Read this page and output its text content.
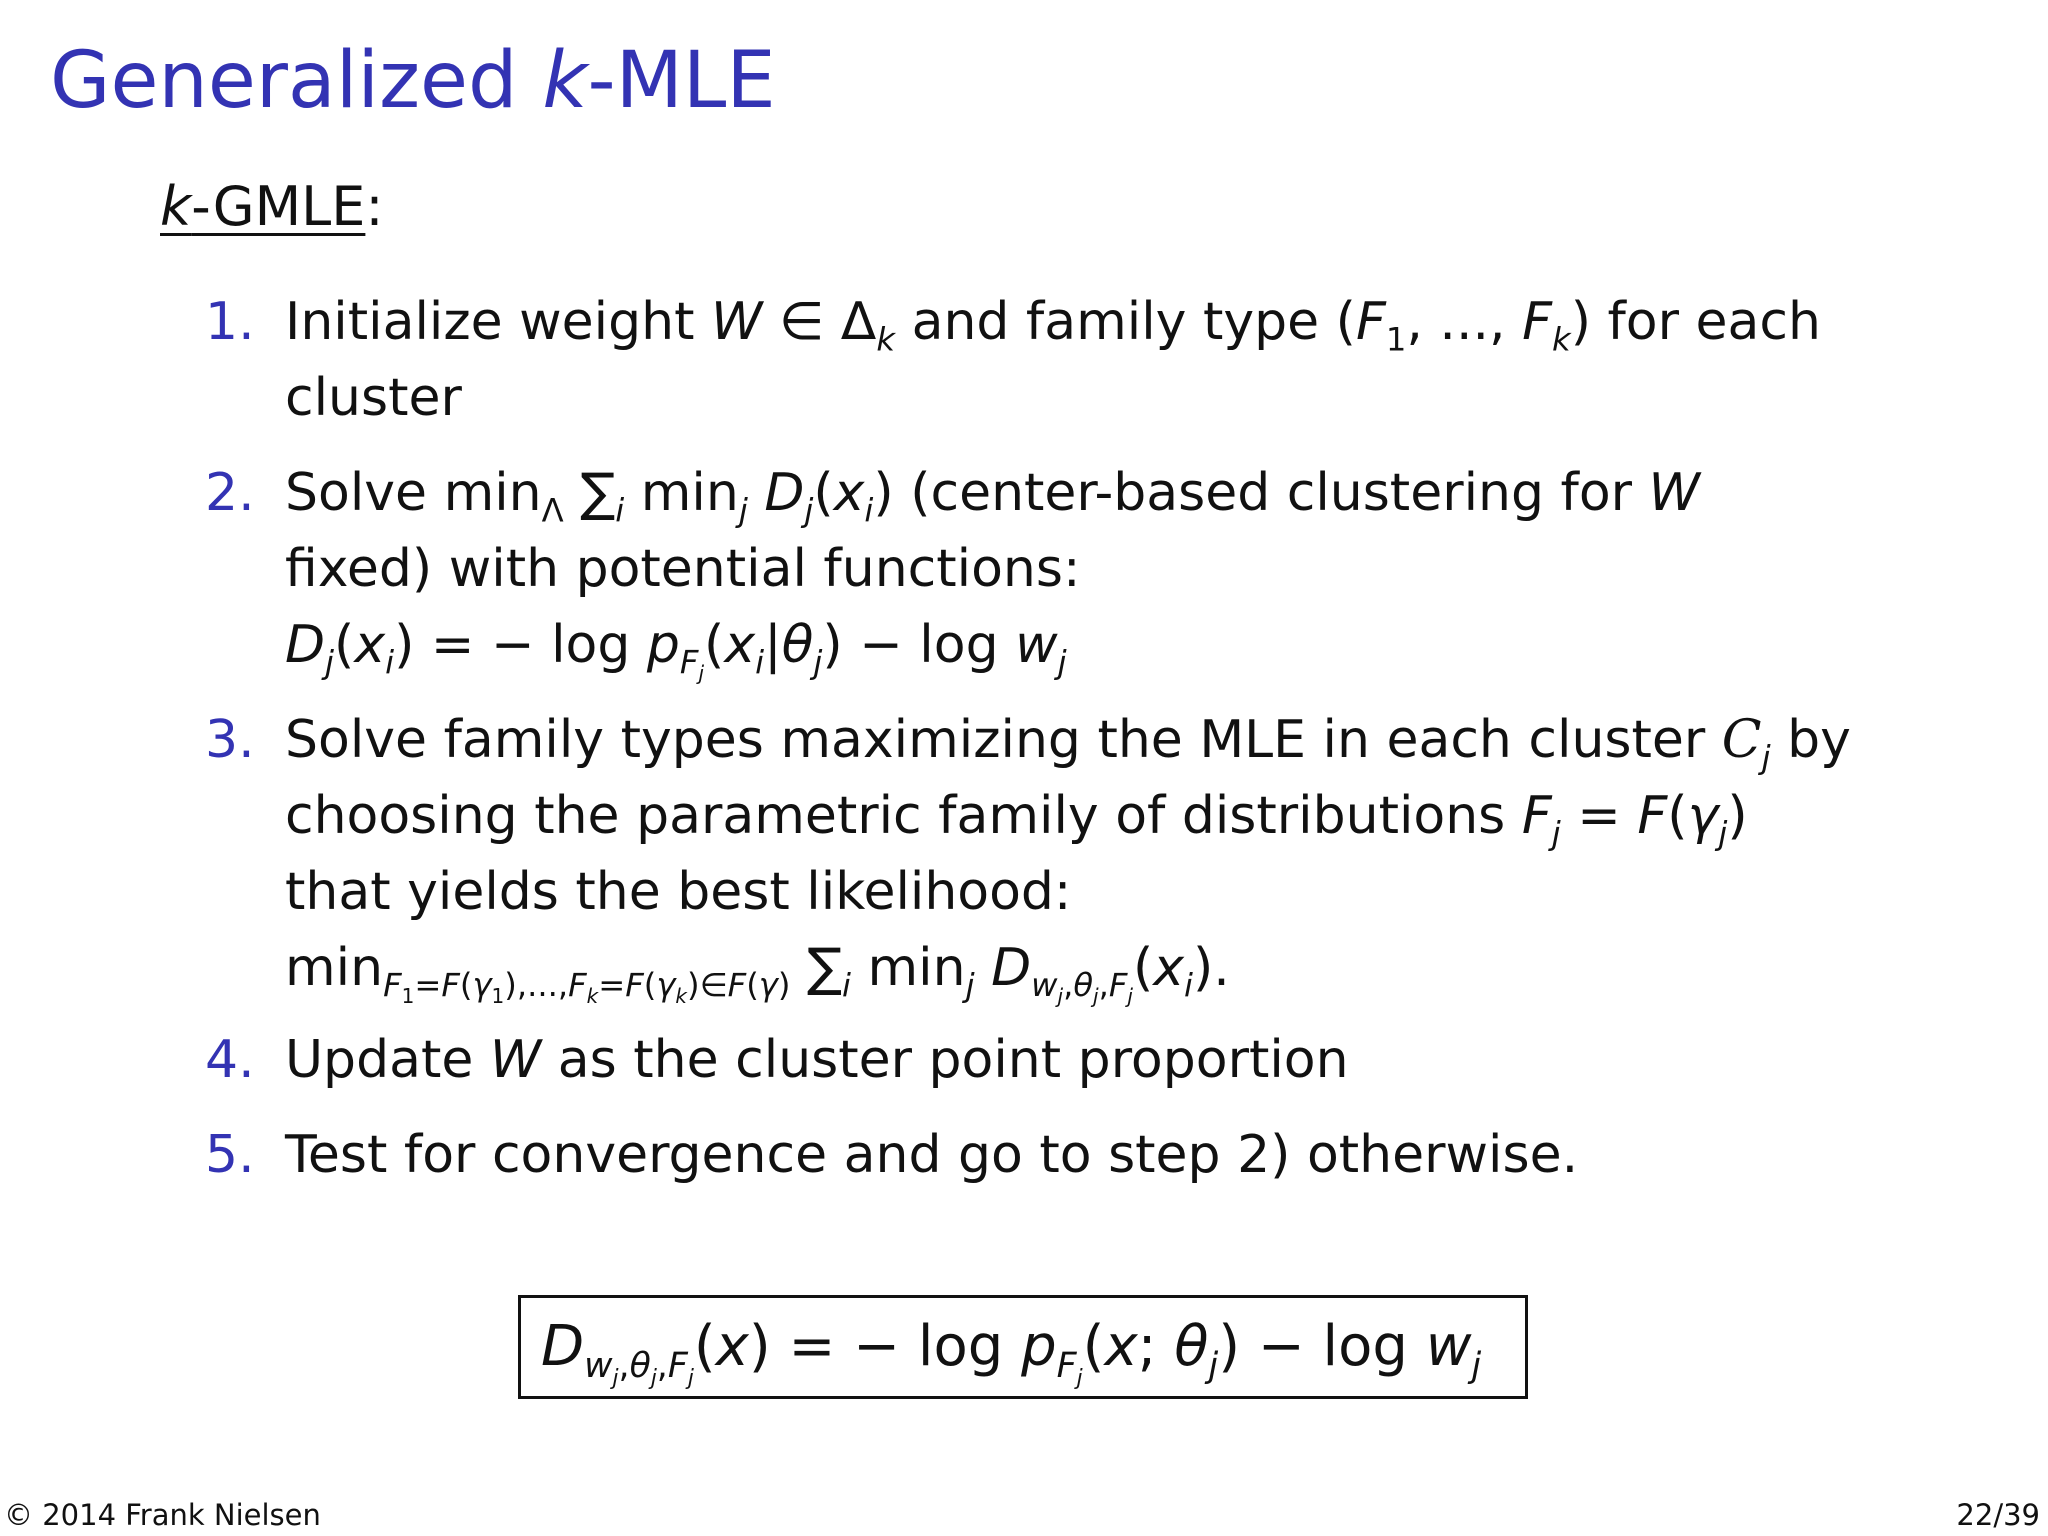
Generalized k-MLE
k-GMLE:
1. Initialize weight W ∈ $\Delta_k$ and family type ($F_1$, ..., $F_k$) for each
cluster
2. Solve $\min_\Lambda \sum_i$ $\min_j D_j(x_i)$ (center-based clustering for W
fixed) with potential functions:
$D_j(x_i)$ = − $\log p_{F_j}(x_i|\theta_j) - \log w_j$
3. Solve family types maximizing the MLE in each cluster $C_j$ by
choosing the parametric family of distributions $F_j = F(\gamma_j)$
that yields the best likelihood:
$\min_{F_1=F(\gamma_1),...,F_k=F(\gamma_k)\in F(\gamma)} \sum_i$ $\min_j D_{w_j,\theta_j,F_j}(x_i)$.
4. Update W as the cluster point proportion
5. Test for convergence and go to step 2) otherwise.
$D_{w_j,\theta_j,F_j}(x)$ = − $\log p_{F_j}(x$; $\theta_j) - \log w_j$
© 2014 Frank Nielsen	22/39
